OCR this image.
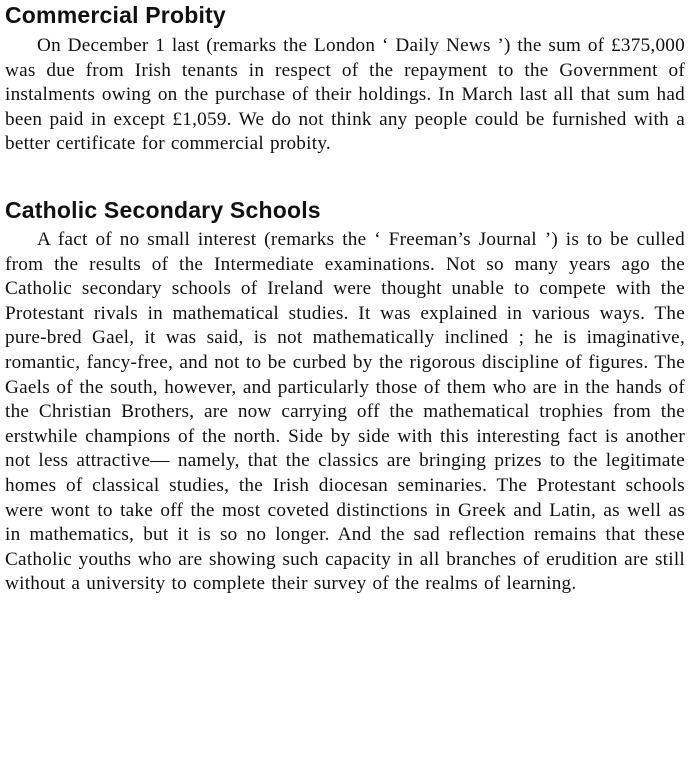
Commercial Probity

On December 1 last (remarks the London ‘ Daily News ’) the sum of £375,000 was due from Irish tenants in respect of the repayment to the Government of instalments owing on the purchase of their holdings. In March last all that sum had been paid in except £1,059. We do not think any people could be furnished with a better certificate for commercial probity.

Catholic Secondary Schools

A fact of no small interest (remarks the ‘ Freeman’s Journal ’) is to be culled from the results of the Intermediate examinations. Not so many years ago the Catholic secondary schools of Ireland were thought unable to compete with the Protestant rivals in mathematical studies. It was explained in various ways. The pure-bred Gael, it was said, is not mathematically inclined ; he is imaginative, romantic, fancy-free, and not to be curbed by the rigorous discipline of figures. The Gaels of the south, however, and particularly those of them who are in the hands of the Christian Brothers, are now carrying off the mathematical trophies from the erstwhile champions of the north. Side by side with this interesting fact is another not less attractive— namely, that the classics are bringing prizes to the legitimate homes of classical studies, the Irish diocesan seminaries. The Protestant schools were wont to take off the most coveted distinctions in Greek and Latin, as well as in mathematics, but it is so no longer. And the sad reflection remains that these Catholic youths who are showing such capacity in all branches of erudition are still without a university to complete their survey of the realms of learning.
